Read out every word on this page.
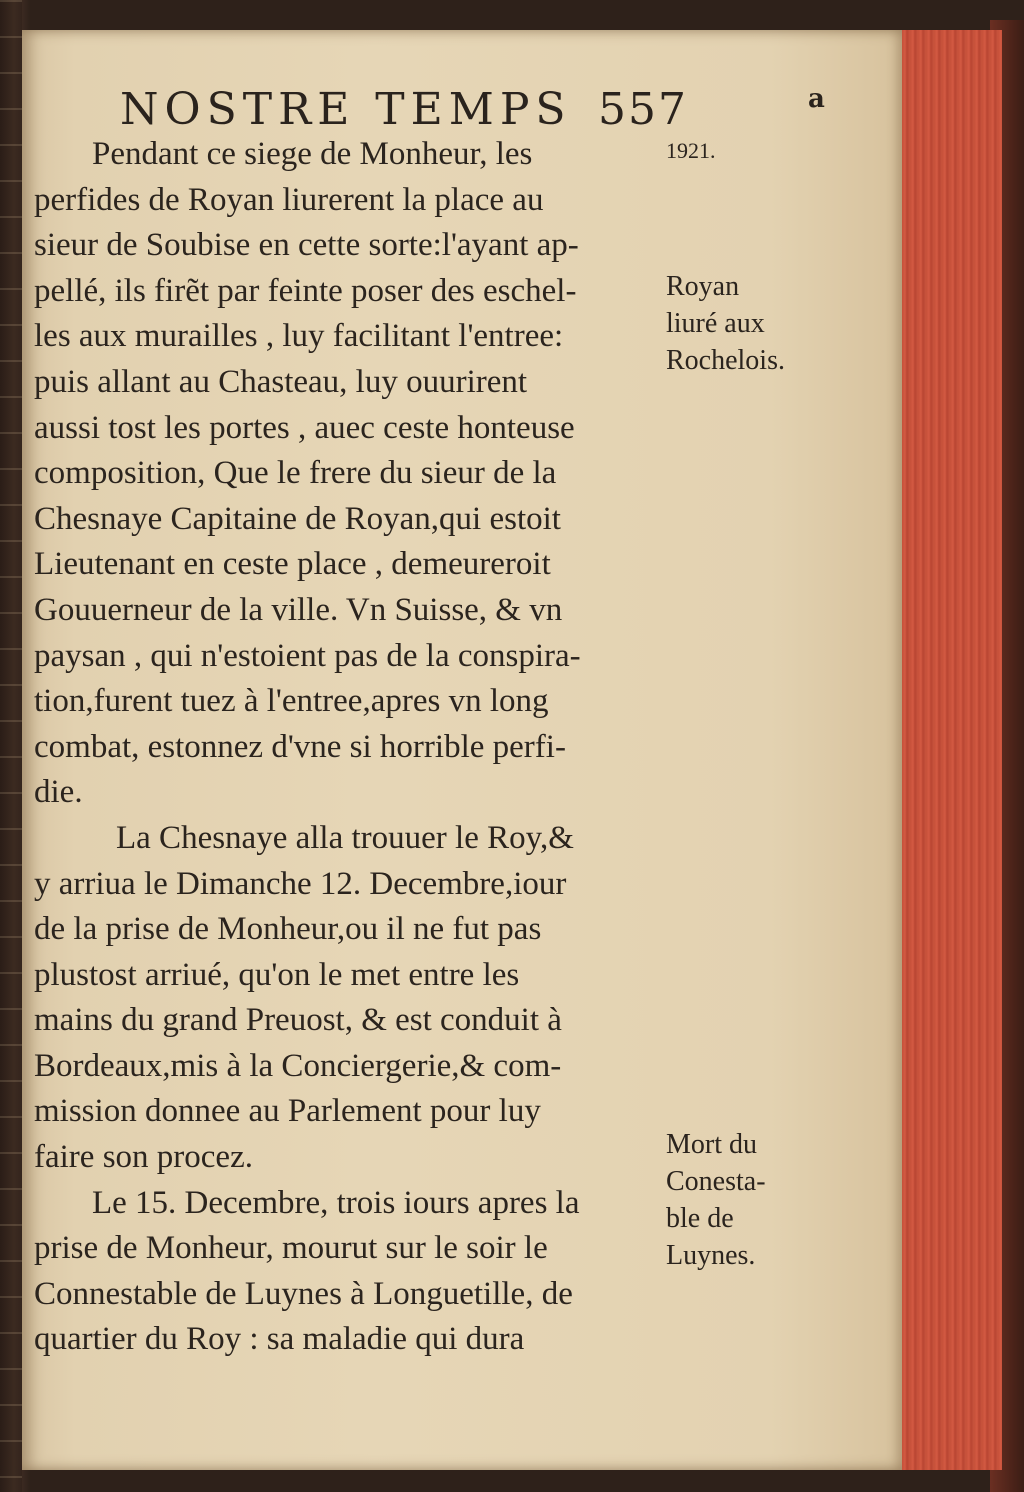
NOSTRE TEMPS 557	a
1921.
Pendant ce siege de Monheur, les
perfides de Royan liurerent la place au
sieur de Soubise en cette sorte:l'ayant ap-
pellé, ils firẽt par feinte poser des eschel-
les aux murailles , luy facilitant l'entree:
puis allant au Chasteau, luy ouurirent
aussi tost les portes , auec ceste honteuse
composition, Que le frere du sieur de la
Chesnaye Capitaine de Royan,qui estoit
Lieutenant en ceste place , demeureroit
Gouuerneur de la ville. Vn Suisse, & vn
paysan , qui n'estoient pas de la conspira-
tion,furent tuez à l'entree,apres vn long
combat, estonnez d'vne si horrible perfi-
die.
La Chesnaye alla trouuer le Roy,&
y arriua le Dimanche 12. Decembre,iour
de la prise de Monheur,ou il ne fut pas
plustost arriué, qu'on le met entre les
mains du grand Preuost, & est conduit à
Bordeaux,mis à la Conciergerie,& com-
mission donnee au Parlement pour luy
faire son procez.
Le 15. Decembre, trois iours apres la
prise de Monheur, mourut sur le soir le
Connestable de Luynes à Longuetille, de
quartier du Roy : sa maladie qui dura
Royan
liuré aux
Rochelois.
Mort du
Conesta-
ble de
Luynes.
